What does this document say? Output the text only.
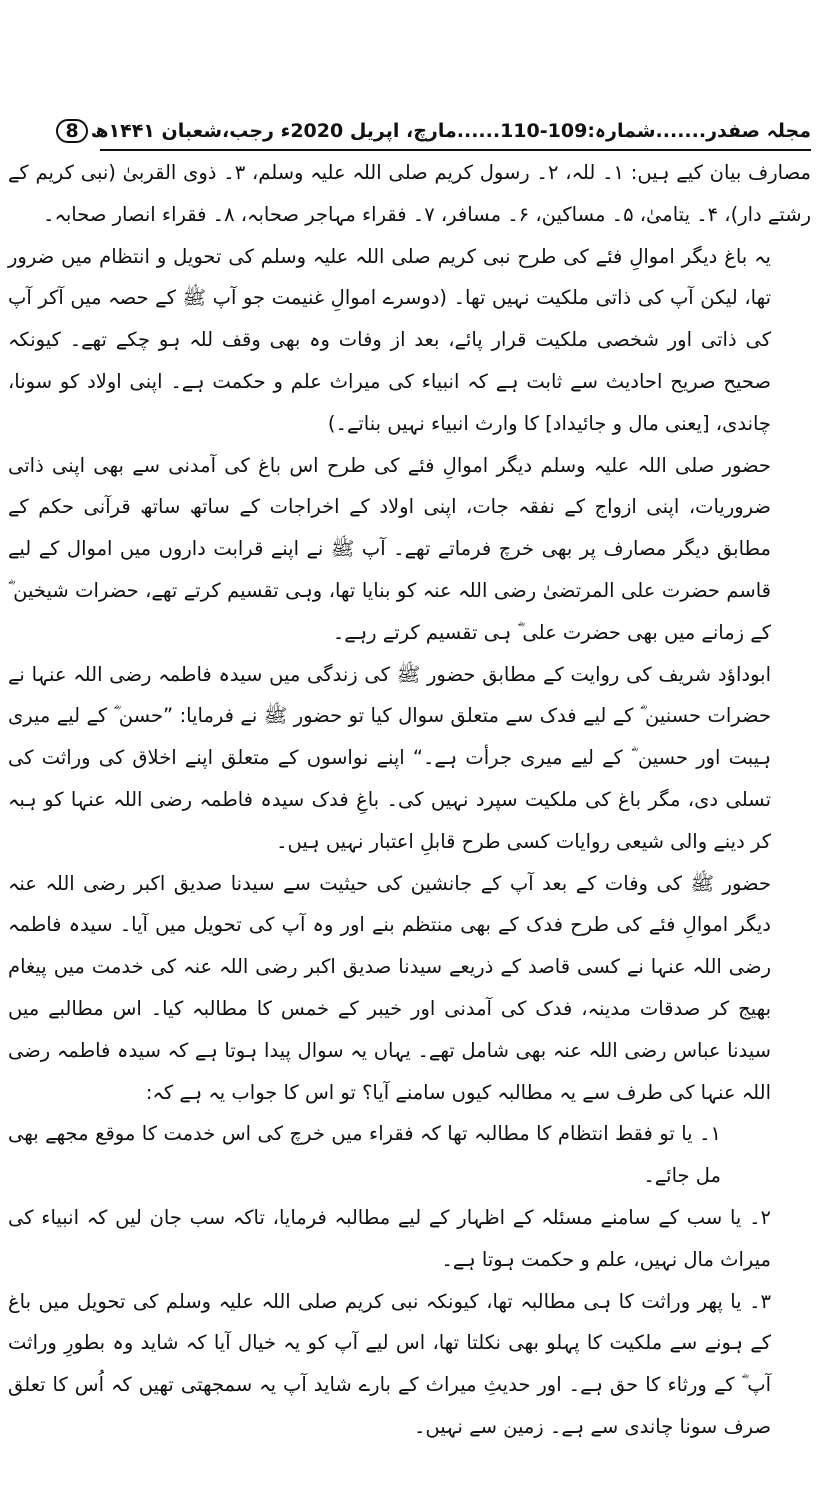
مجلہ صفدر.......شمارہ:109-110......مارچ، اپریل 2020ء رجب،شعبان ۱۴۴۱ھ8

مصارف بیان کیے ہیں: ۱۔ للہ، ۲۔ رسول کریم صلی اللہ علیہ وسلم، ۳۔ ذوی القربیٰ (نبی کریم کے رشتے دار)، ۴۔ یتامیٰ، ۵۔ مساکین، ۶۔ مسافر، ۷۔ فقراء مہاجر صحابہ، ۸۔ فقراء انصار صحابہ۔

یہ باغ دیگر اموالِ فئے کی طرح نبی کریم صلی اللہ علیہ وسلم کی تحویل و انتظام میں ضرور تھا، لیکن آپ کی ذاتی ملکیت نہیں تھا۔ (دوسرے اموالِ غنیمت جو آپ ﷺ کے حصہ میں آکر آپ کی ذاتی اور شخصی ملکیت قرار پائے، بعد از وفات وہ بھی وقف للہ ہو چکے تھے۔ کیونکہ صحیح صریح احادیث سے ثابت ہے کہ انبیاء کی میراث علم و حکمت ہے۔ اپنی اولاد کو سونا، چاندی، [یعنی مال و جائیداد] کا وارث انبیاء نہیں بناتے۔)

حضور صلی اللہ علیہ وسلم دیگر اموالِ فئے کی طرح اس باغ کی آمدنی سے بھی اپنی ذاتی ضروریات، اپنی ازواج کے نفقہ جات، اپنی اولاد کے اخراجات کے ساتھ ساتھ قرآنی حکم کے مطابق دیگر مصارف پر بھی خرچ فرماتے تھے۔ آپ ﷺ نے اپنے قرابت داروں میں اموال کے لیے قاسم حضرت علی المرتضیٰ رضی اللہ عنہ کو بنایا تھا، وہی تقسیم کرتے تھے، حضرات شیخین ؓ کے زمانے میں بھی حضرت علی ؓ ہی تقسیم کرتے رہے۔

ابوداؤد شریف کی روایت کے مطابق حضور ﷺ کی زندگی میں سیدہ فاطمہ رضی اللہ عنہا نے حضرات حسنین ؓ کے لیے فدک سے متعلق سوال کیا تو حضور ﷺ نے فرمایا: ”حسن ؓ کے لیے میری ہیبت اور حسین ؓ کے لیے میری جرأت ہے۔“ اپنے نواسوں کے متعلق اپنے اخلاق کی وراثت کی تسلی دی، مگر باغ کی ملکیت سپرد نہیں کی۔ باغِ فدک سیدہ فاطمہ رضی اللہ عنہا کو ہبہ کر دینے والی شیعی روایات کسی طرح قابلِ اعتبار نہیں ہیں۔

حضور ﷺ کی وفات کے بعد آپ کے جانشین کی حیثیت سے سیدنا صدیق اکبر رضی اللہ عنہ دیگر اموالِ فئے کی طرح فدک کے بھی منتظم بنے اور وہ آپ کی تحویل میں آیا۔ سیدہ فاطمہ رضی اللہ عنہا نے کسی قاصد کے ذریعے سیدنا صدیق اکبر رضی اللہ عنہ کی خدمت میں پیغام بھیج کر صدقات مدینہ، فدک کی آمدنی اور خیبر کے خمس کا مطالبہ کیا۔ اس مطالبے میں سیدنا عباس رضی اللہ عنہ بھی شامل تھے۔ یہاں یہ سوال پیدا ہوتا ہے کہ سیدہ فاطمہ رضی اللہ عنہا کی طرف سے یہ مطالبہ کیوں سامنے آیا؟ تو اس کا جواب یہ ہے کہ:

۱۔ یا تو فقط انتظام کا مطالبہ تھا کہ فقراء میں خرچ کی اس خدمت کا موقع مجھے بھی مل جائے۔

۲۔ یا سب کے سامنے مسئلہ کے اظہار کے لیے مطالبہ فرمایا، تاکہ سب جان لیں کہ انبیاء کی میراث مال نہیں، علم و حکمت ہوتا ہے۔

۳۔ یا پھر وراثت کا ہی مطالبہ تھا، کیونکہ نبی کریم صلی اللہ علیہ وسلم کی تحویل میں باغ کے ہونے سے ملکیت کا پہلو بھی نکلتا تھا، اس لیے آپ کو یہ خیال آیا کہ شاید وہ بطورِ وراثت آپ ؓ کے ورثاء کا حق ہے۔ اور حدیثِ میراث کے بارے شاید آپ یہ سمجھتی تھیں کہ اُس کا تعلق صرف سونا چاندی سے ہے۔ زمین سے نہیں۔
